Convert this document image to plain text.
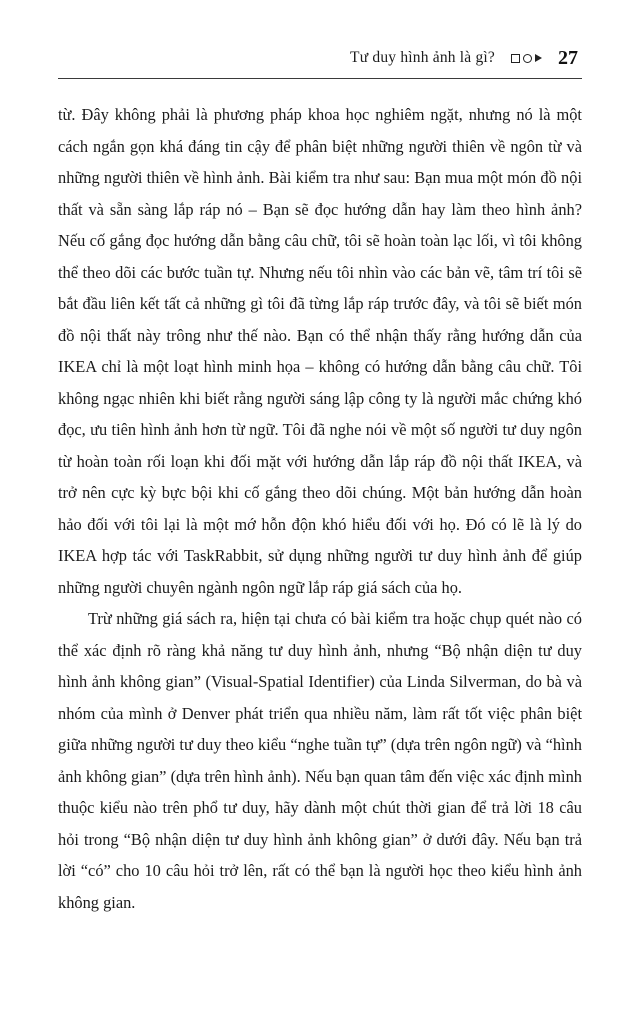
Tư duy hình ảnh là gì?	27

từ. Đây không phải là phương pháp khoa học nghiêm ngặt, nhưng nó là một cách ngắn gọn khá đáng tin cậy để phân biệt những người thiên về ngôn từ và những người thiên về hình ảnh. Bài kiểm tra như sau: Bạn mua một món đồ nội thất và sẵn sàng lắp ráp nó – Bạn sẽ đọc hướng dẫn hay làm theo hình ảnh? Nếu cố gắng đọc hướng dẫn bằng câu chữ, tôi sẽ hoàn toàn lạc lối, vì tôi không thể theo dõi các bước tuần tự. Nhưng nếu tôi nhìn vào các bản vẽ, tâm trí tôi sẽ bắt đầu liên kết tất cả những gì tôi đã từng lắp ráp trước đây, và tôi sẽ biết món đồ nội thất này trông như thế nào. Bạn có thể nhận thấy rằng hướng dẫn của IKEA chỉ là một loạt hình minh họa – không có hướng dẫn bằng câu chữ. Tôi không ngạc nhiên khi biết rằng người sáng lập công ty là người mắc chứng khó đọc, ưu tiên hình ảnh hơn từ ngữ. Tôi đã nghe nói về một số người tư duy ngôn từ hoàn toàn rối loạn khi đối mặt với hướng dẫn lắp ráp đồ nội thất IKEA, và trở nên cực kỳ bực bội khi cố gắng theo dõi chúng. Một bản hướng dẫn hoàn hảo đối với tôi lại là một mớ hỗn độn khó hiểu đối với họ. Đó có lẽ là lý do IKEA hợp tác với TaskRabbit, sử dụng những người tư duy hình ảnh để giúp những người chuyên ngành ngôn ngữ lắp ráp giá sách của họ.

Trừ những giá sách ra, hiện tại chưa có bài kiểm tra hoặc chụp quét nào có thể xác định rõ ràng khả năng tư duy hình ảnh, nhưng “Bộ nhận diện tư duy hình ảnh không gian” (Visual-Spatial Identifier) của Linda Silverman, do bà và nhóm của mình ở Denver phát triển qua nhiều năm, làm rất tốt việc phân biệt giữa những người tư duy theo kiểu “nghe tuần tự” (dựa trên ngôn ngữ) và “hình ảnh không gian” (dựa trên hình ảnh). Nếu bạn quan tâm đến việc xác định mình thuộc kiểu nào trên phổ tư duy, hãy dành một chút thời gian để trả lời 18 câu hỏi trong “Bộ nhận diện tư duy hình ảnh không gian” ở dưới đây. Nếu bạn trả lời “có” cho 10 câu hỏi trở lên, rất có thể bạn là người học theo kiểu hình ảnh không gian.
